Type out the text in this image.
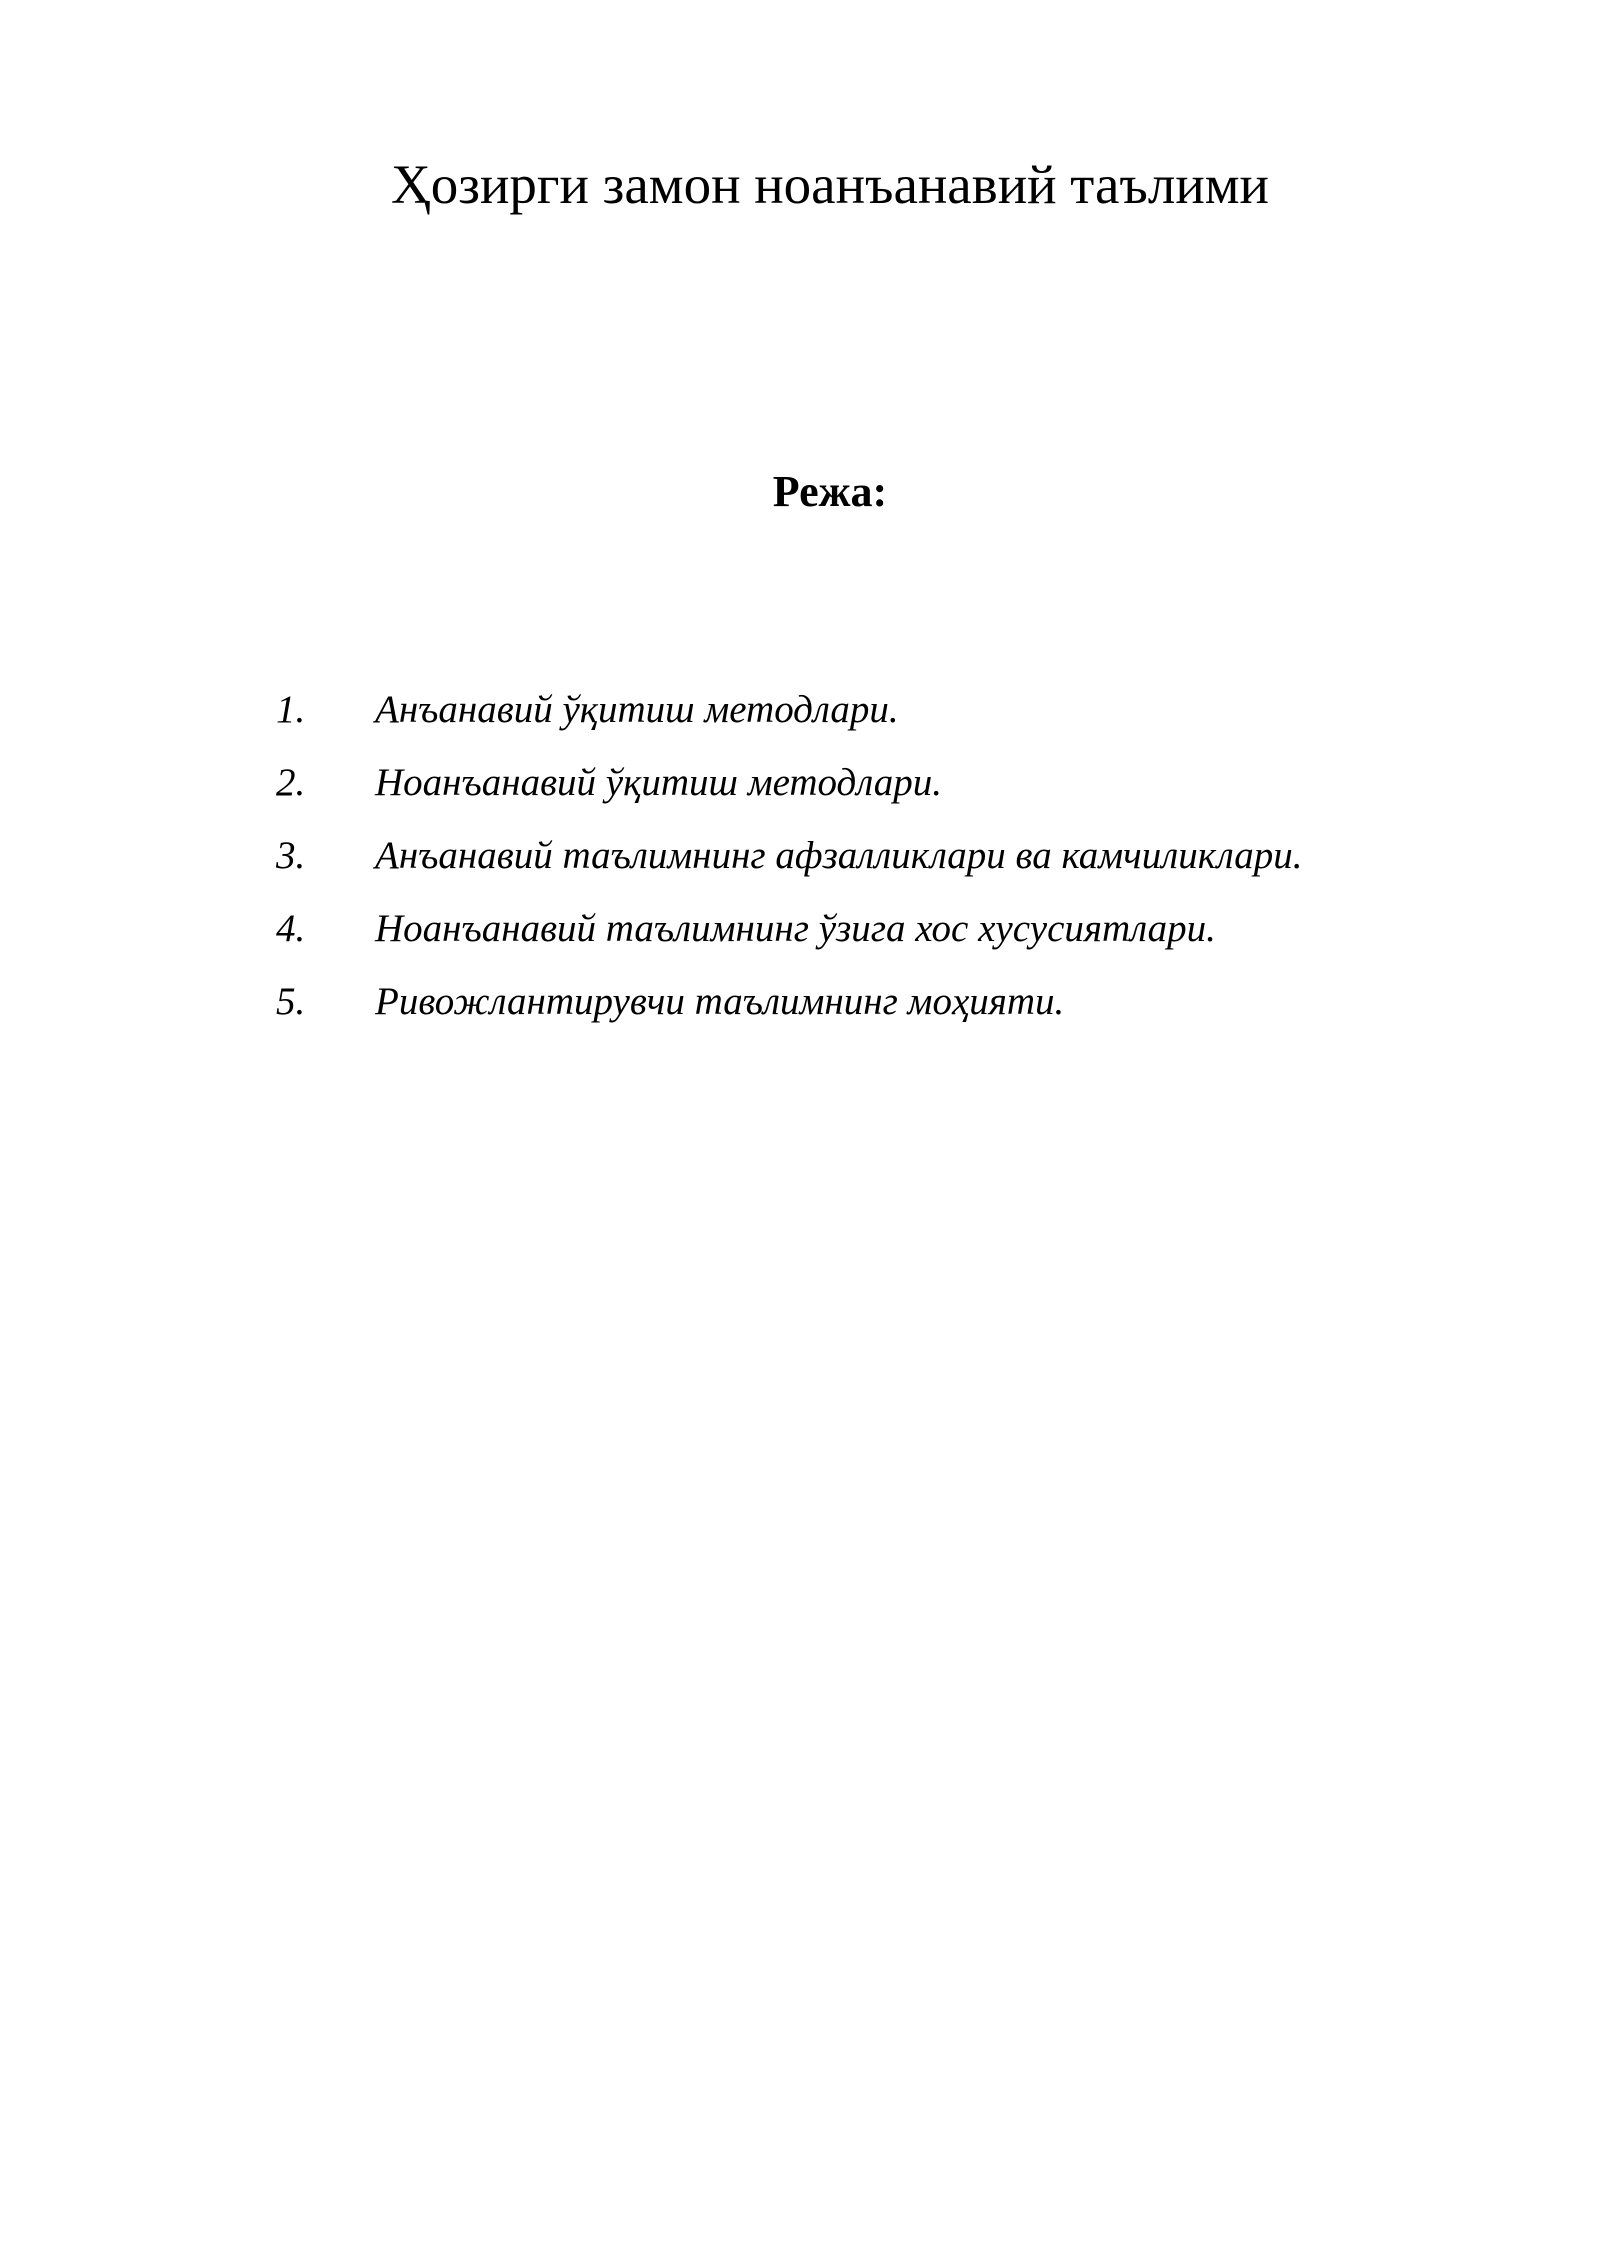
Ҳозирги замон ноанъанавий таълими
Режа:
1.	Анъанавий ўқитиш методлари.
2.	Ноанъанавий ўқитиш методлари.
3.	Анъанавий таълимнинг афзалликлари ва камчиликлари.
4.	Ноанъанавий таълимнинг ўзига хос хусусиятлари.
5.	Ривожлантирувчи таълимнинг моҳияти.
